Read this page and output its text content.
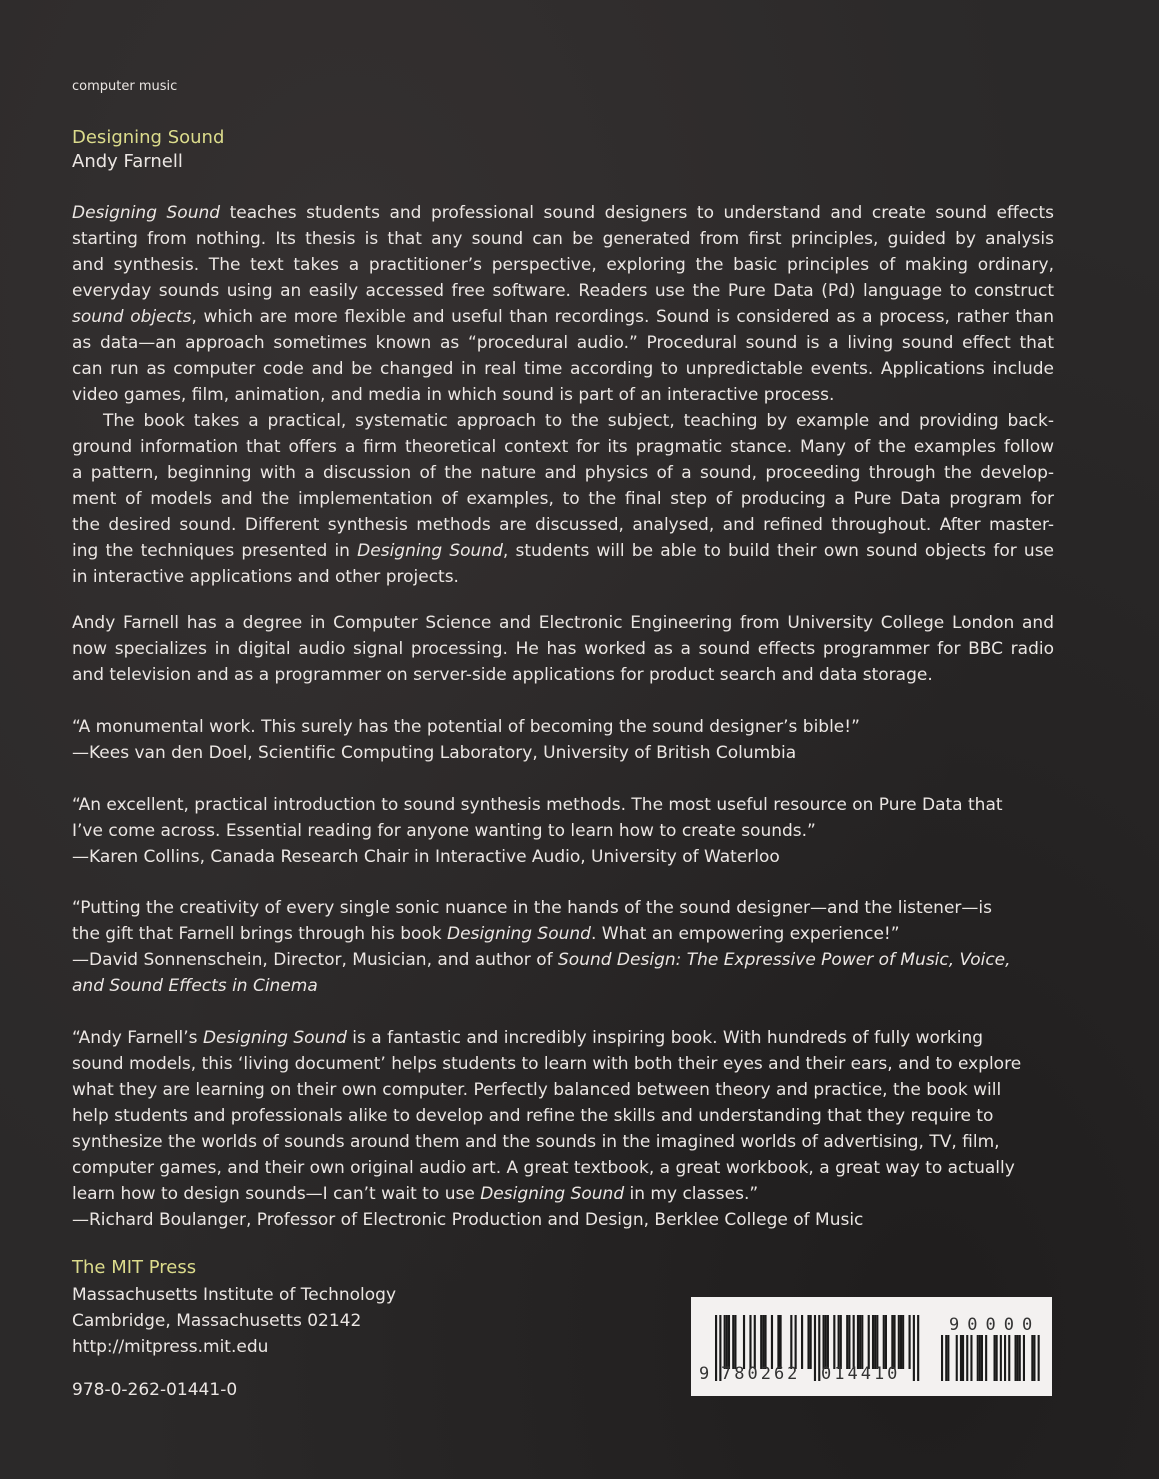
computer music
Designing Sound
Andy Farnell
Designing Sound teaches students and professional sound designers to understand and create sound effects
starting from nothing. Its thesis is that any sound can be generated from first principles, guided by analysis
and synthesis. The text takes a practitioner’s perspective, exploring the basic principles of making ordinary,
everyday sounds using an easily accessed free software. Readers use the Pure Data (Pd) language to construct
sound objects, which are more flexible and useful than recordings. Sound is considered as a process, rather than
as data—an approach sometimes known as “procedural audio.” Procedural sound is a living sound effect that
can run as computer code and be changed in real time according to unpredictable events. Applications include
video games, film, animation, and media in which sound is part of an interactive process.
The book takes a practical, systematic approach to the subject, teaching by example and providing back-
ground information that offers a firm theoretical context for its pragmatic stance. Many of the examples follow
a pattern, beginning with a discussion of the nature and physics of a sound, proceeding through the develop-
ment of models and the implementation of examples, to the final step of producing a Pure Data program for
the desired sound. Different synthesis methods are discussed, analysed, and refined throughout. After master-
ing the techniques presented in Designing Sound, students will be able to build their own sound objects for use
in interactive applications and other projects.
Andy Farnell has a degree in Computer Science and Electronic Engineering from University College London and
now specializes in digital audio signal processing. He has worked as a sound effects programmer for BBC radio
and television and as a programmer on server-side applications for product search and data storage.
“A monumental work. This surely has the potential of becoming the sound designer’s bible!”
—Kees van den Doel, Scientific Computing Laboratory, University of British Columbia
“An excellent, practical introduction to sound synthesis methods. The most useful resource on Pure Data that
I’ve come across. Essential reading for anyone wanting to learn how to create sounds.”
—Karen Collins, Canada Research Chair in Interactive Audio, University of Waterloo
“Putting the creativity of every single sonic nuance in the hands of the sound designer—and the listener—is
the gift that Farnell brings through his book Designing Sound. What an empowering experience!”
—David Sonnenschein, Director, Musician, and author of Sound Design: The Expressive Power of Music, Voice,
and Sound Effects in Cinema
“Andy Farnell’s Designing Sound is a fantastic and incredibly inspiring book. With hundreds of fully working
sound models, this ‘living document’ helps students to learn with both their eyes and their ears, and to explore
what they are learning on their own computer. Perfectly balanced between theory and practice, the book will
help students and professionals alike to develop and refine the skills and understanding that they require to
synthesize the worlds of sounds around them and the sounds in the imagined worlds of advertising, TV, film,
computer games, and their own original audio art. A great textbook, a great workbook, a great way to actually
learn how to design sounds—I can’t wait to use Designing Sound in my classes.”
—Richard Boulanger, Professor of Electronic Production and Design, Berklee College of Music
The MIT Press
Massachusetts Institute of Technology
Cambridge, Massachusetts 02142
http://mitpress.mit.edu
978-0-262-01441-0
9 780262 014410
90000
